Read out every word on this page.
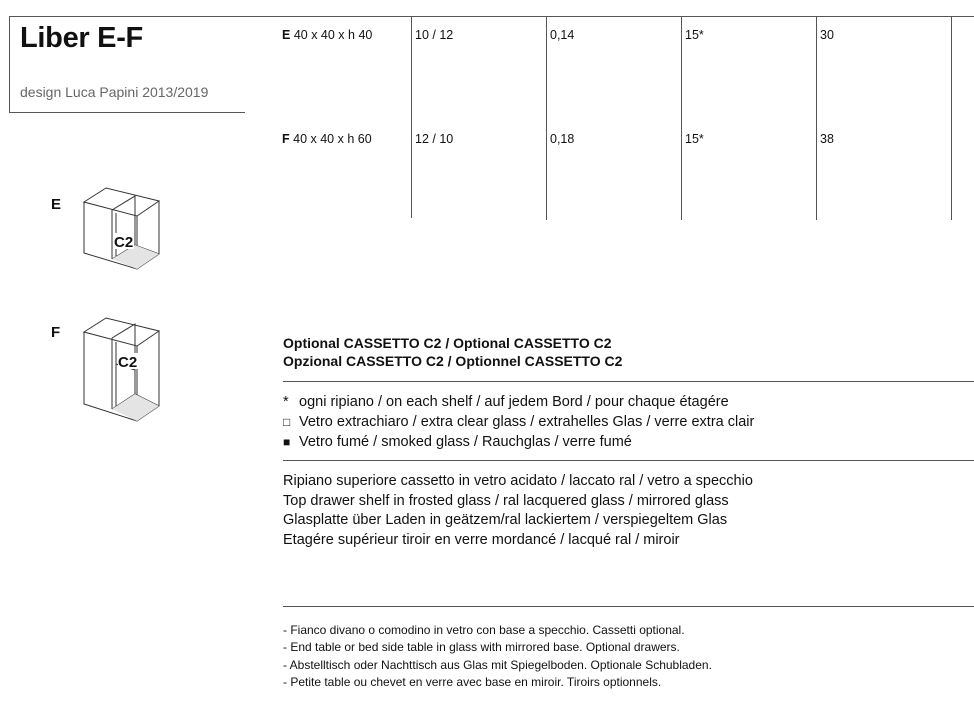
Liber E-F
design Luca Papini 2013/2019
E 40 x 40 x h 40	10 / 12	0,14	15*	30
F 40 x 40 x h 60	12 / 10	0,18	15*	38
E
C2
F
C2
Optional CASSETTO C2 / Optional CASSETTO C2
Opzional CASSETTO C2 / Optionnel CASSETTO C2
* ogni ripiano / on each shelf / auf jedem Bord / pour chaque étagére
□ Vetro extrachiaro / extra clear glass / extrahelles Glas / verre extra clair
■ Vetro fumé / smoked glass / Rauchglas / verre fumé
Ripiano superiore cassetto in vetro acidato / laccato ral / vetro a specchio
Top drawer shelf in frosted glass / ral lacquered glass / mirrored glass
Glasplatte über Laden in geätzem/ral lackiertem / verspiegeltem Glas
Etagére supérieur tiroir en verre mordancé / lacqué ral / miroir
- Fianco divano o comodino in vetro con base a specchio. Cassetti optional.
- End table or bed side table in glass with mirrored base. Optional drawers.
- Abstelltisch oder Nachttisch aus Glas mit Spiegelboden. Optionale Schubladen.
- Petite table ou chevet en verre avec base en miroir. Tiroirs optionnels.
